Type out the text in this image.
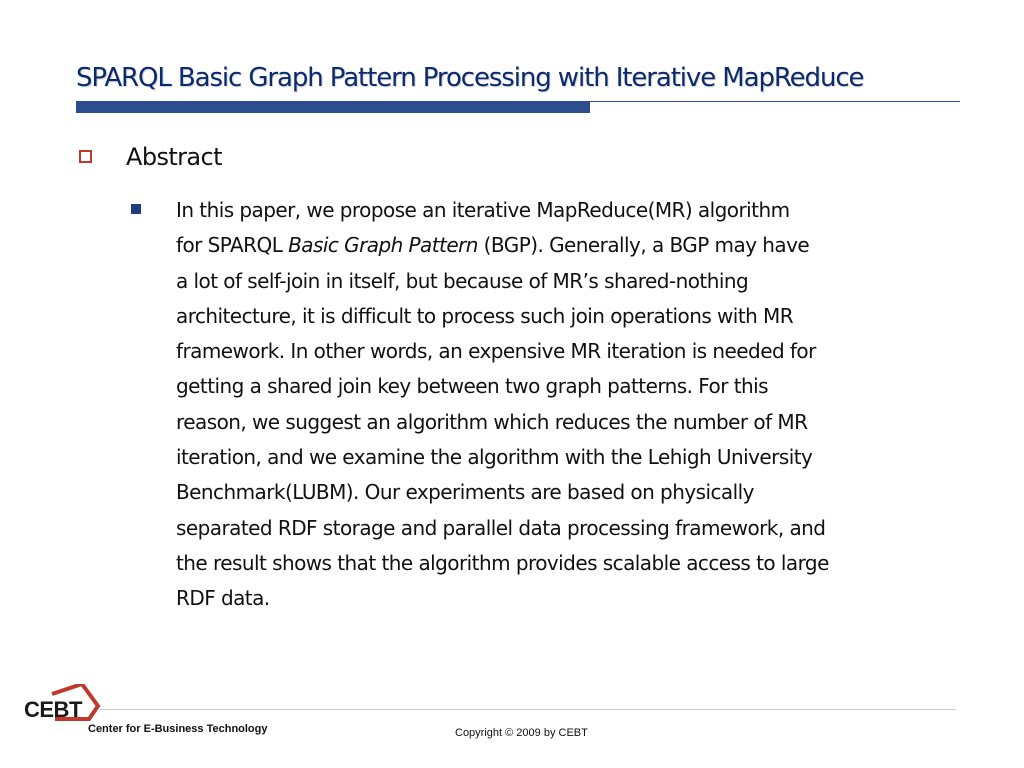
SPARQL Basic Graph Pattern Processing with Iterative MapReduce
Abstract
In this paper, we propose an iterative MapReduce(MR) algorithm
for SPARQL Basic Graph Pattern (BGP). Generally, a BGP may have
a lot of self-join in itself, but because of MR’s shared-nothing
architecture, it is difficult to process such join operations with MR
framework. In other words, an expensive MR iteration is needed for
getting a shared join key between two graph patterns. For this
reason, we suggest an algorithm which reduces the number of MR
iteration, and we examine the algorithm with the Lehigh University
Benchmark(LUBM). Our experiments are based on physically
separated RDF storage and parallel data processing framework, and
the result shows that the algorithm provides scalable access to large
RDF data.
CEBT
Center for E-Business Technology	Copyright © 2009 by CEBT
